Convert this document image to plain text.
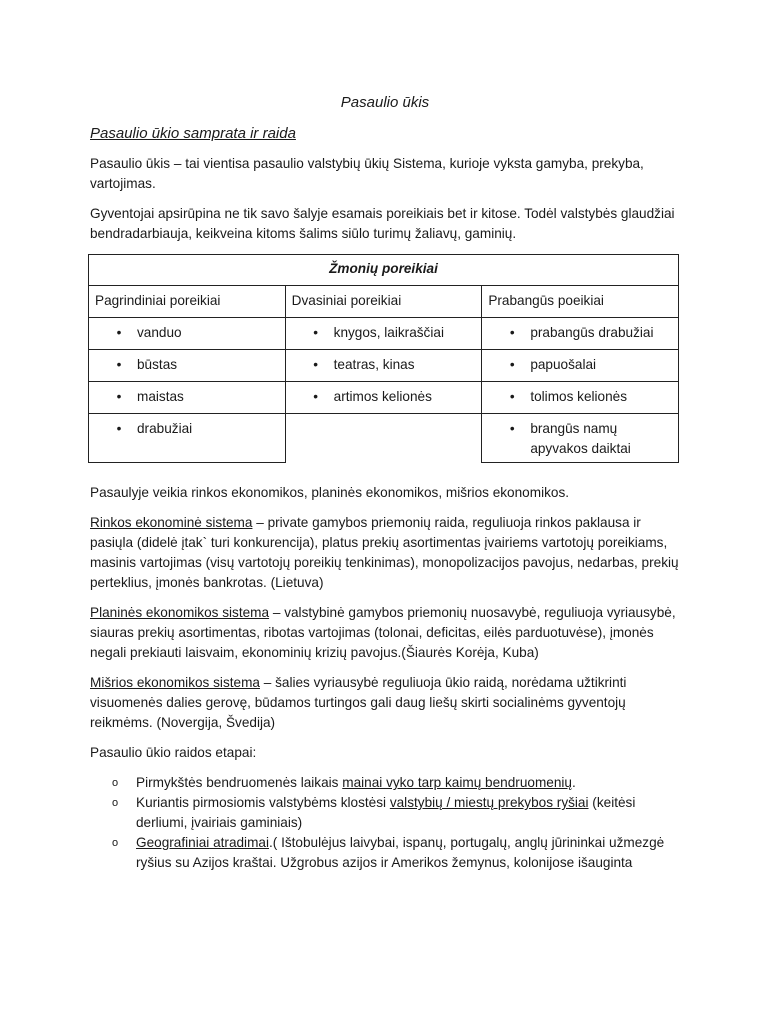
Pasaulio ūkis
Pasaulio ūkio samprata ir raida

Pasaulio ūkis – tai vientisa pasaulio valstybių ūkių Sistema, kurioje vyksta gamyba, prekyba, vartojimas.

Gyventojai apsirūpina ne tik savo šalyje esamais poreikiais bet ir kitose. Todėl valstybės glaudžiai bendradarbiauja, keikveina kitoms šalims siūlo turimų žaliavų, gaminių.

Žmonių poreikiai		
Pagrindiniai poreikiai	Dvasiniai poreikiai	Prabangūs poeikiai

• vanduo	• knygos, laikraščiai	• prabangūs drabužiai

• būstas	• teatras, kinas	• papuošalai

• maistas	• artimos kelionės	• tolimos kelionės

• drabužiai		• brangūs namų apyvakos daiktai

Pasaulyje veikia rinkos ekonomikos, planinės ekonomikos, mišrios ekonomikos.

Rinkos ekonominė sistema – private gamybos priemonių raida, reguliuoja rinkos paklausa ir pasiųla (didelė įtak` turi konkurencija), platus prekių asortimentas įvairiems vartotojų poreikiams, masinis vartojimas (visų vartotojų poreikių tenkinimas), monopolizacijos pavojus, nedarbas, prekių perteklius, įmonės bankrotas. (Lietuva)

Planinės ekonomikos sistema – valstybinė gamybos priemonių nuosavybė, reguliuoja vyriausybė, siauras prekių asortimentas, ribotas vartojimas (tolonai, deficitas, eilės parduotuvėse), įmonės negali prekiauti laisvaim, ekonominių krizių pavojus.(Šiaurės Korėja, Kuba)

Mišrios ekonomikos sistema – šalies vyriausybė reguliuoja ūkio raidą, norėdama užtikrinti visuomenės dalies gerovę, būdamos turtingos gali daug liešų skirti socialinėms gyventojų reikmėms. (Novergija, Švedija)

Pasaulio ūkio raidos etapai:

o	Pirmykštės bendruomenės laikais mainai vyko tarp kaimų bendruomenių.
o	Kuriantis pirmosiomis valstybėms klostėsi valstybių / miestų prekybos ryšiai (keitėsi derliumi, įvairiais gaminiais)
o	Geografiniai atradimai.( Ištobulėjus laivybai, ispanų, portugalų, anglų jūrininkai užmezgė ryšius su Azijos kraštai. Užgrobus azijos ir Amerikos žemynus, kolonijose išauginta
